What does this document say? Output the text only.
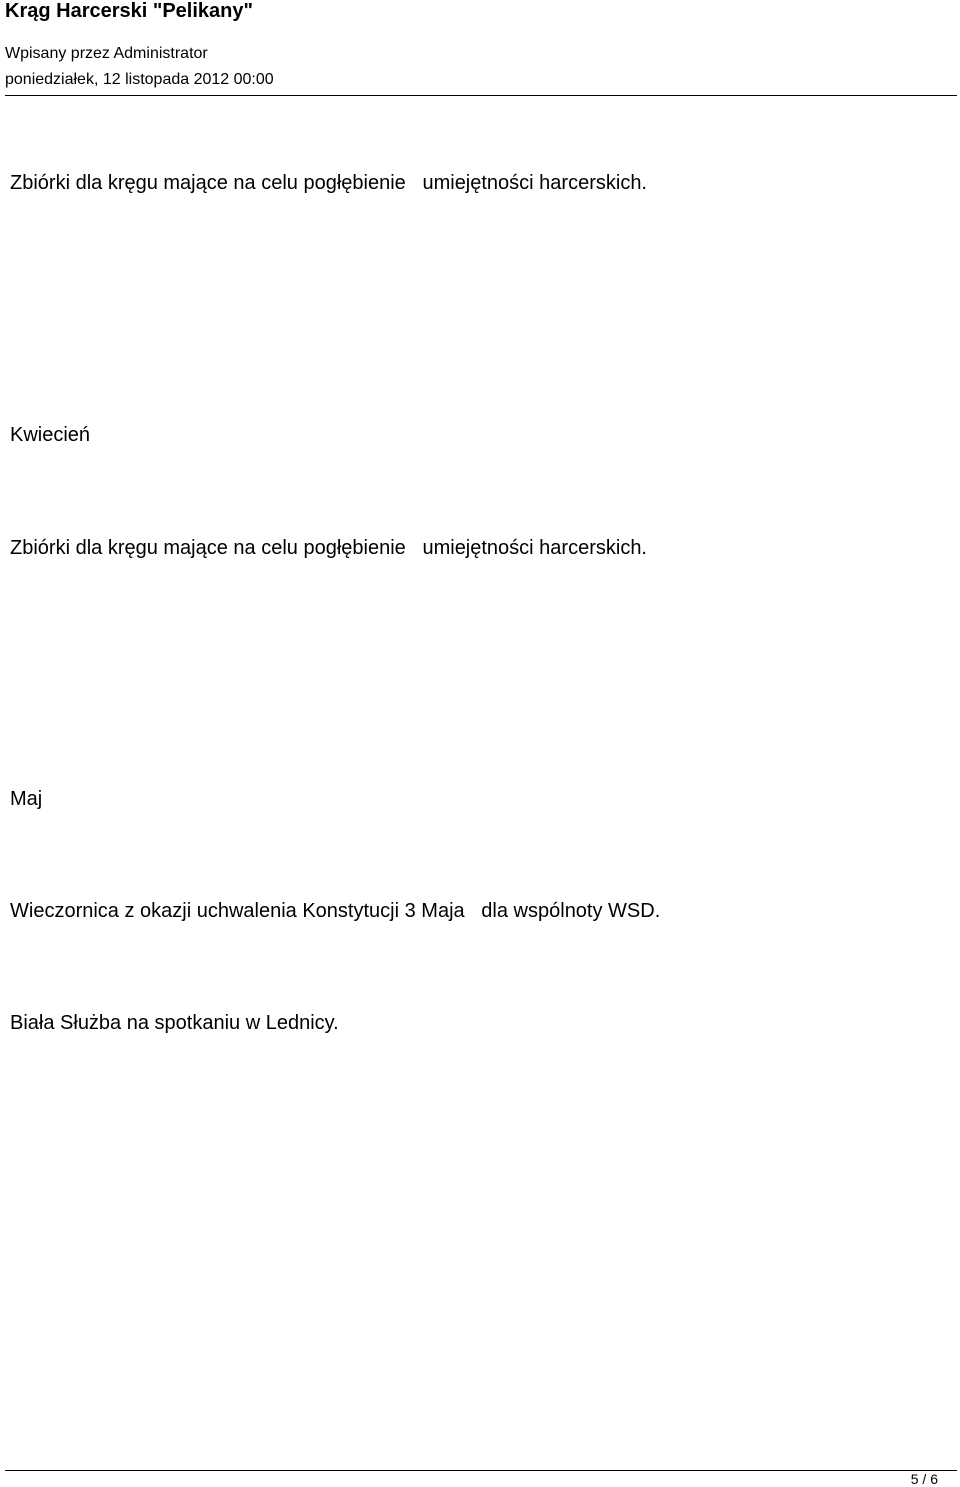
Krąg Harcerski "Pelikany"
Wpisany przez Administrator
poniedziałek, 12 listopada 2012 00:00
Zbiórki dla kręgu mające na celu pogłębienie   umiejętności harcerskich.
Kwiecień
Zbiórki dla kręgu mające na celu pogłębienie   umiejętności harcerskich.
Maj
Wieczornica z okazji uchwalenia Konstytucji 3 Maja   dla wspólnoty WSD.
Biała Służba na spotkaniu w Lednicy.
5 / 6
